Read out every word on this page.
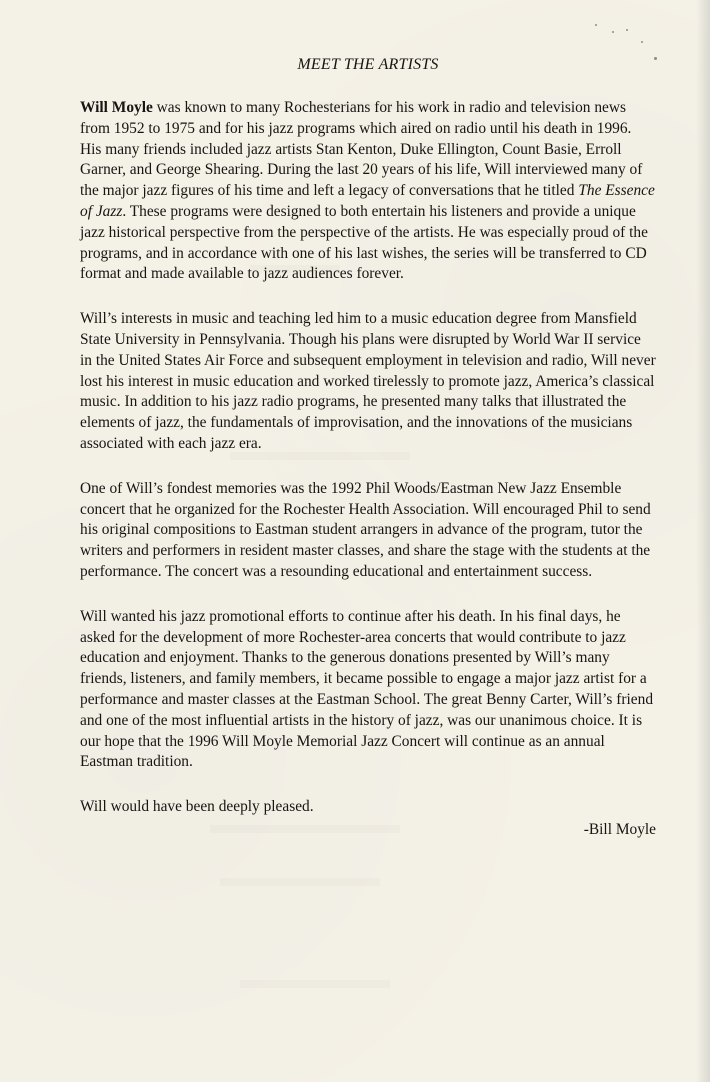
MEET THE ARTISTS

Will Moyle was known to many Rochesterians for his work in radio and television news from 1952 to 1975 and for his jazz programs which aired on radio until his death in 1996. His many friends included jazz artists Stan Kenton, Duke Ellington, Count Basie, Erroll Garner, and George Shearing. During the last 20 years of his life, Will interviewed many of the major jazz figures of his time and left a legacy of conversations that he titled The Essence of Jazz. These programs were designed to both entertain his listeners and provide a unique jazz historical perspective from the perspective of the artists. He was especially proud of the programs, and in accordance with one of his last wishes, the series will be transferred to CD format and made available to jazz audiences forever.

Will’s interests in music and teaching led him to a music education degree from Mansfield State University in Pennsylvania. Though his plans were disrupted by World War II service in the United States Air Force and subsequent employment in television and radio, Will never lost his interest in music education and worked tirelessly to promote jazz, America’s classical music. In addition to his jazz radio programs, he presented many talks that illustrated the elements of jazz, the fundamentals of improvisation, and the innovations of the musicians associated with each jazz era.

One of Will’s fondest memories was the 1992 Phil Woods/Eastman New Jazz Ensemble concert that he organized for the Rochester Health Association. Will encouraged Phil to send his original compositions to Eastman student arrangers in advance of the program, tutor the writers and performers in resident master classes, and share the stage with the students at the performance. The concert was a resounding educational and entertainment success.

Will wanted his jazz promotional efforts to continue after his death. In his final days, he asked for the development of more Rochester-area concerts that would contribute to jazz education and enjoyment. Thanks to the generous donations presented by Will’s many friends, listeners, and family members, it became possible to engage a major jazz artist for a performance and master classes at the Eastman School. The great Benny Carter, Will’s friend and one of the most influential artists in the history of jazz, was our unanimous choice. It is our hope that the 1996 Will Moyle Memorial Jazz Concert will continue as an annual Eastman tradition.

Will would have been deeply pleased.

-Bill Moyle
